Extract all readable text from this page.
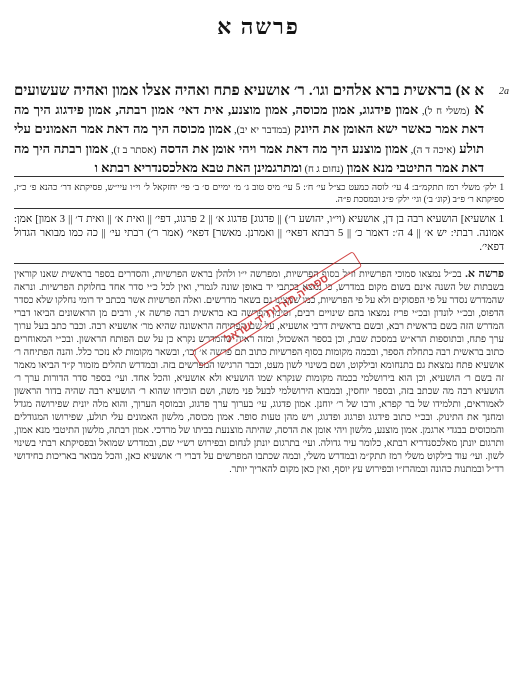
פרשה א
2a
א א) בראשית ברא אלהים וגו׳. ר׳ אושעיא פתח ואהיה אצלו אמון ואהיה שעשועים א (משלי ח ל), אמון פידגוג, אמון מכוסה, אמון מוצנע, אית דאי׳ אמון רבתה, אמון פידגוג היך מה דאת אמר כאשר ישא האומן את היונק (במדבר יא יב), אמון מכוסה היך מה דאת אמר האמונים עלי תולע (איכה ד ה), אמון מוצנע היך מה דאת אמר ויהי אומן את הדסה (אסתר ב ז), אמון רבתה היך מה דאת אמר התיטבי מנא אמון (נחום ג ח) ומתרגמינן האת טבא מאלכסנדריא רבתא ו
1 ילק׳ משלי רמז תתקמ״ב: 4 עי׳ לוסה כמעט כצ״ל עי׳ ח׳: 5 עי׳ מיס טוב ג׳ מ׳ ימיים ס׳ ב׳ פי׳ יחזקאל ל׳ וי״ו עיי״ש, פסיקתא דר׳ כהנא פ׳ כ״ז, ספיקתא ר׳ פ״ב (קונ׳ ב׳) וגי׳ ילק׳ פ״ג ובמסכת פ״ה.
1 אושעיא] הושעיא רבה בן דן, אושעיא (וי״ו, יהושע ר׳) || פדגוג] פדגוג א׳ || 2 פרגוג, דפי׳ || ואית א׳ || ואית ד׳ || 3 אמון] אמן: אמונה. רבתי: יש א׳ || 4 ה׳: דאמר כ׳ || 5 רבתא דפאי׳ || ואמרנן. מאשר] דפאי׳ (אמר ר׳) רבתי עי׳ || כה כמו מבואר הגדול דפאי׳.
פרשה א. בכ״ל נמצאו סמוכי הפרשיות וז״ל בסוף הפרשיות, ומפרשה י״ו ולהלן בראש הפרשיות, והסדרים בספר בראשית שאנו קוראין בשבתות של השנה אינם בשום מקום במדרש, כי נמצא בכתבי יד באופן שונה לגמרי, ואין לכל כ״י סדר אחד בחלוקת הפרשיות. ונראה שהמדרש נסדר על פי הפסוקים ולא על פי הפרשיות, כמו שמצינו גם בשאר מדרשים. ואלה הפרשיות אשר בכתב יד רומי נחלקו שלא כסדר הדפוס, ובכ״י לונדון ובכ״י פריז נמצאו בהם שינויים רבים, וסימן הפרשה בא בראשית רבה פרשה א׳, ורבים מן הראשונים הביאו דברי המדרש הזה בשם בראשית רבא, ובשם בראשית דרבי אושעיא, על שם הפתיחה הראשונה שהיא מר׳ אושעיא רבה. וכבר כתב בעל ערוך ערך פתח, ובתוספות הרא״ש במסכת שבת, וכן בספר האשכול, ומזה ראיה שהמדרש נקרא כן על שם הפותח הראשון. ובכ״י המאוחרים כתוב בראשית רבה בתחלת הספר, ובכמה מקומות בסוף הפרשיות כתוב תם פרשה א׳ וכו׳, ובשאר מקומות לא נזכר כלל. והנה הפתיחה ר׳ אושעיא פתח נמצאת גם בתנחומא ובילקוט, ושם בשינוי לשון מעט, וכבר הרגישו המפרשים בזה. ובמדרש תהלים מזמור ק״ד הביאו מאמר זה בשם ר׳ הושעיא, וכן הוא בירושלמי בכמה מקומות שנקרא שמו הושעיא ולא אושעיא, והכל אחד. ועי׳ בספר סדר הדורות ערך ר׳ הושעיא רבה מה שכתב בזה, ובספר יוחסין, ובמבוא הירושלמי לבעל פני משה, ושם הוכיחו שהוא ר׳ הושעיא רבה שהיה בדור הראשון לאמוראים, ותלמידו של בר קפרא, ורבו של ר׳ יוחנן. אמון פדגוג, עי׳ בערוך ערך פדגוג, ובמוסף הערוך, והוא מלה יונית שפירושה מגדל ומחנך את התינוק. ובכ״י כתוב פידגוג ופרגוג ופדגוג, ויש מהן טעות סופר. אמון מכוסה, מלשון האמונים עלי תולע, שפירושו המגודלים והמכוסים בבגדי ארגמן. אמון מוצנע, מלשון ויהי אומן את הדסה, שהיתה מוצנעת בביתו של מרדכי. אמון רבתה, מלשון התיטבי מנא אמון, ותרגום יונתן מאלכסנדריא רבתא, כלומר עיר גדולה. ועי׳ בתרגום יונתן לנחום ובפירוש רש״י שם, ובמדרש שמואל ובפסיקתא רבתי בשינוי לשון. ועי׳ עוד בילקוט משלי רמז תתק״מ ובמדרש משלי, ובמה שכתבו המפרשים על דברי ר׳ אושעיא כאן, והכל מבואר באריכות בחידושי רד״ל ובמתנות כהונה ובמהרז״ו ובפירוש עץ יוסף, ואין כאן מקום להאריך יותר.
ספרייה תורנית יד ישראל
